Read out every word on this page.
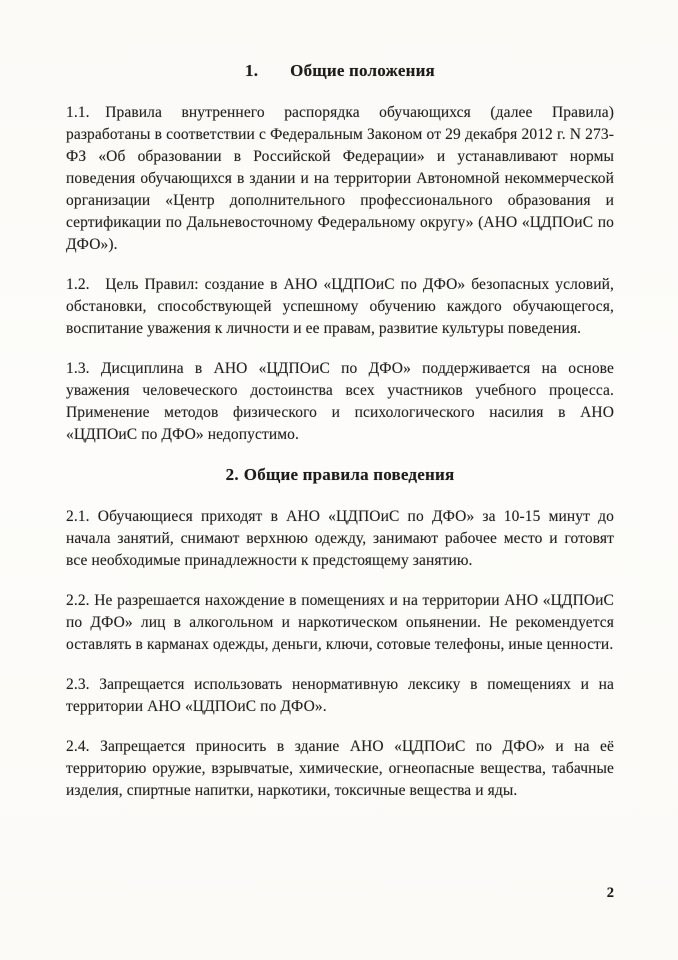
1. Общие положения

1.1. Правила внутреннего распорядка обучающихся (далее Правила) разработаны в соответствии с Федеральным Законом от 29 декабря 2012 г. N 273-ФЗ «Об образовании в Российской Федерации» и устанавливают нормы поведения обучающихся в здании и на территории Автономной некоммерческой организации «Центр дополнительного профессионального образования и сертификации по Дальневосточному Федеральному округу» (АНО «ЦДПОиС по ДФО»).

1.2. Цель Правил: создание в АНО «ЦДПОиС по ДФО» безопасных условий, обстановки, способствующей успешному обучению каждого обучающегося, воспитание уважения к личности и ее правам, развитие культуры поведения.

1.3. Дисциплина в АНО «ЦДПОиС по ДФО» поддерживается на основе уважения человеческого достоинства всех участников учебного процесса. Применение методов физического и психологического насилия в АНО «ЦДПОиС по ДФО» недопустимо.

2. Общие правила поведения

2.1. Обучающиеся приходят в АНО «ЦДПОиС по ДФО» за 10-15 минут до начала занятий, снимают верхнюю одежду, занимают рабочее место и готовят все необходимые принадлежности к предстоящему занятию.

2.2. Не разрешается нахождение в помещениях и на территории АНО «ЦДПОиС по ДФО» лиц в алкогольном и наркотическом опьянении. Не рекомендуется оставлять в карманах одежды, деньги, ключи, сотовые телефоны, иные ценности.

2.3. Запрещается использовать ненормативную лексику в помещениях и на территории АНО «ЦДПОиС по ДФО».

2.4. Запрещается приносить в здание АНО «ЦДПОиС по ДФО» и на её территорию оружие, взрывчатые, химические, огнеопасные вещества, табачные изделия, спиртные напитки, наркотики, токсичные вещества и яды.

2
